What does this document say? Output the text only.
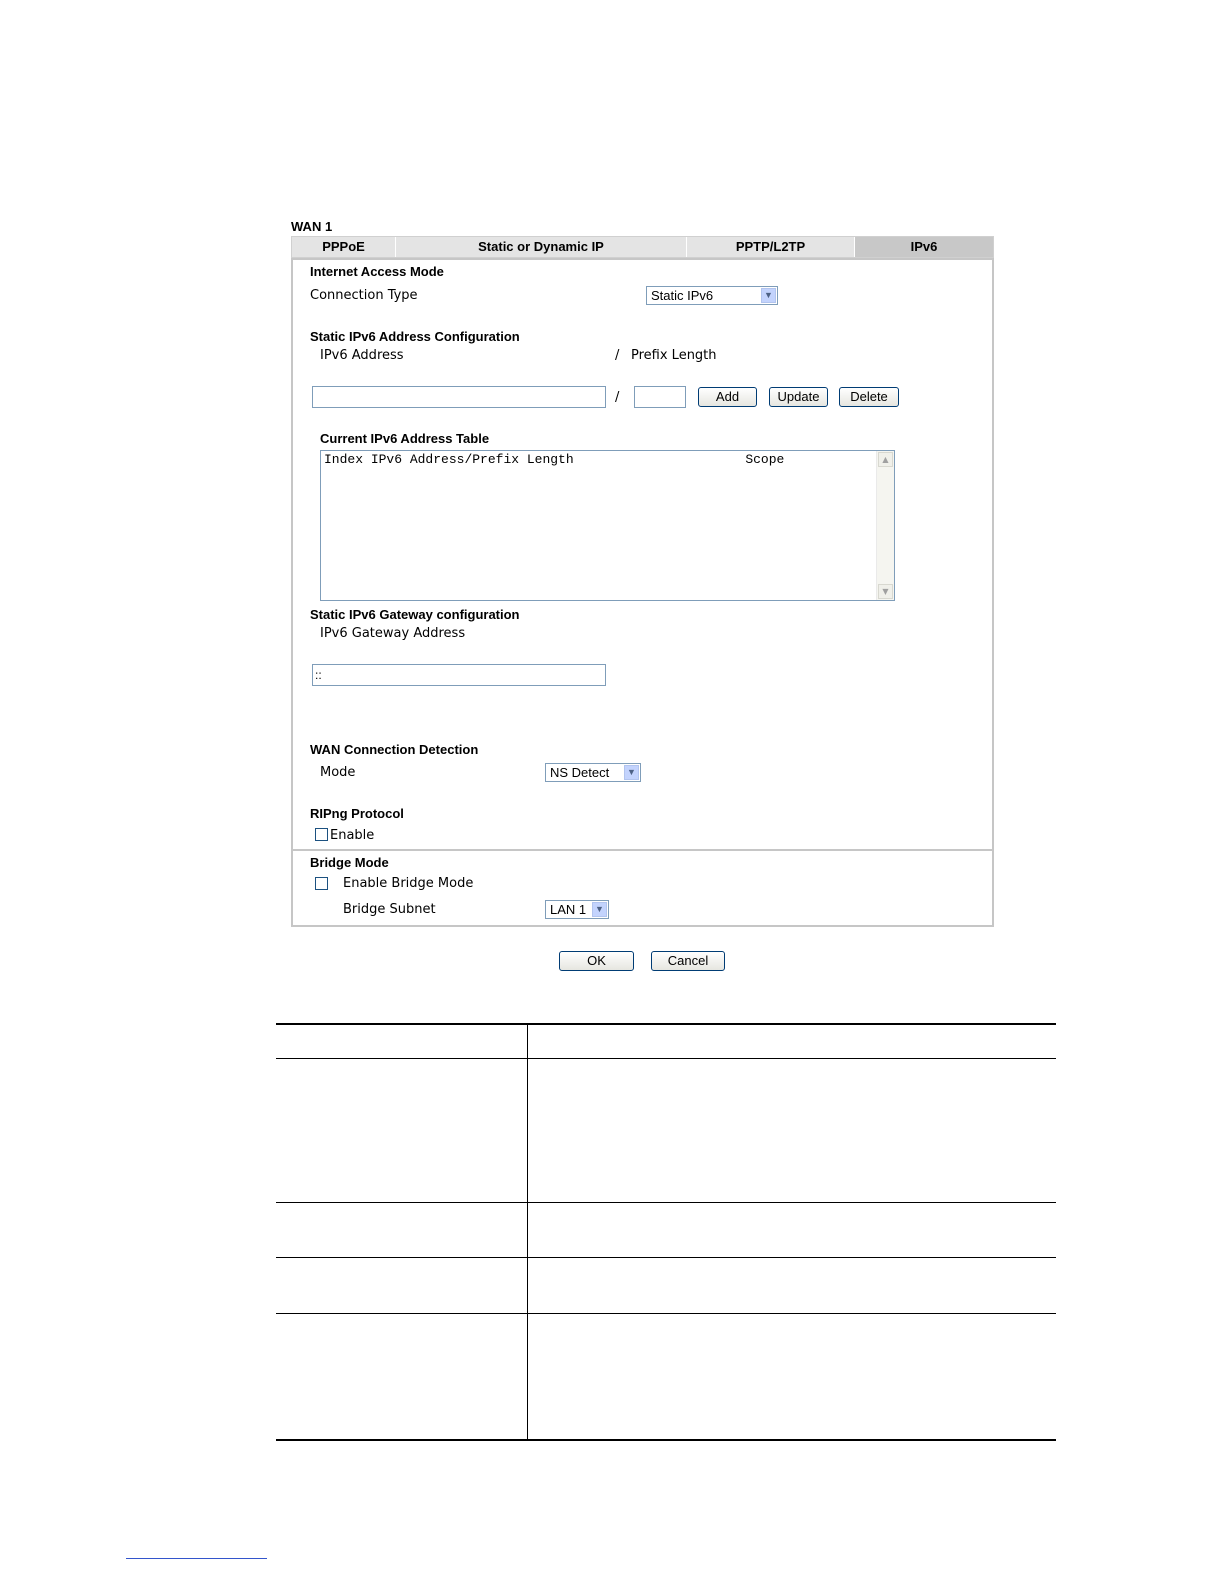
WAN 1
PPPoE	Static or Dynamic IP	PPTP/L2TP	IPv6
Internet Access Mode
Connection Type	Static IPv6	▼
Static IPv6 Address Configuration
IPv6 Address	/ Prefix Length
/	Add	Update	Delete
Current IPv6 Address Table
Index IPv6 Address/Prefix Length	Scope	▲
▼
Static IPv6 Gateway configuration
IPv6 Gateway Address
::
WAN Connection Detection
Mode	NS Detect	▼
RIPng Protocol
Enable
Bridge Mode
Enable Bridge Mode
Bridge Subnet	LAN 1 ▼
OK	Cancel
